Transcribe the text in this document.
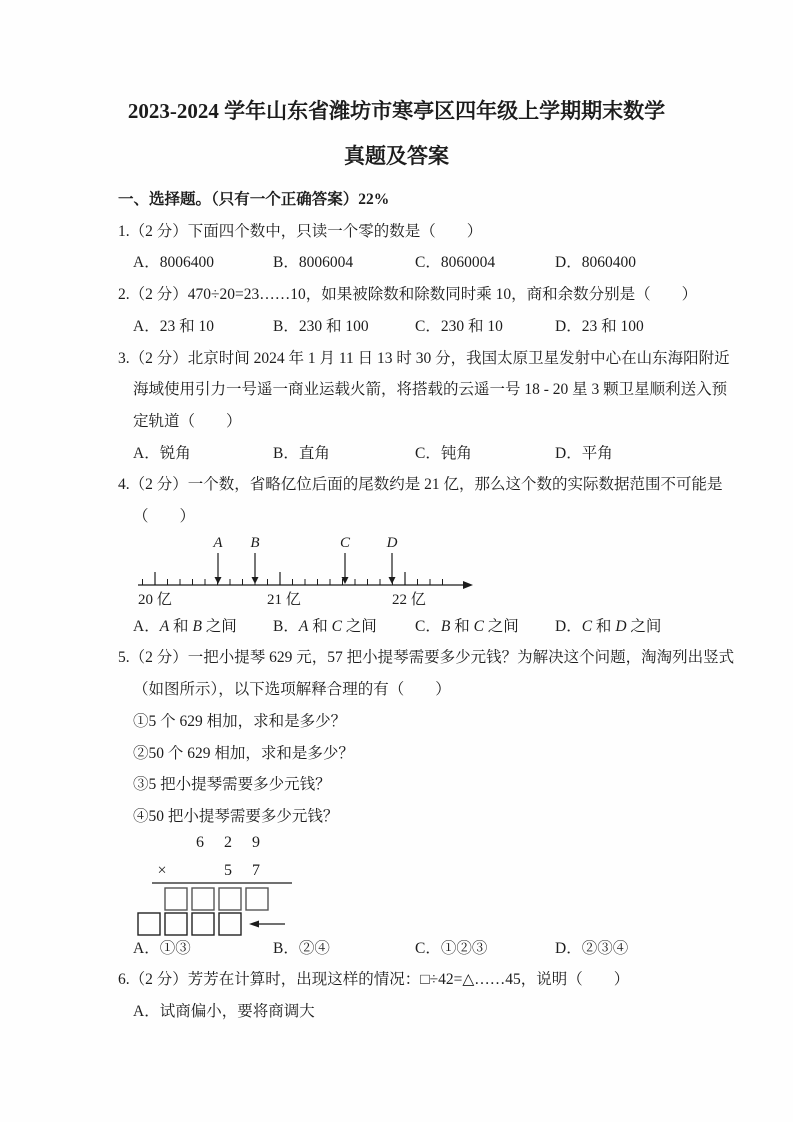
2023-2024 学年山东省潍坊市寒亭区四年级上学期期末数学
真题及答案
一、选择题。（只有一个正确答案）22%
1.（2 分）下面四个数中，只读一个零的数是（　　）
A．8006400	B．8006004	C．8060004	D．8060400
2.（2 分）470÷20=23……10，如果被除数和除数同时乘 10，商和余数分别是（　　）
A．23 和 10	B．230 和 100	C．230 和 10	D．23 和 100
3.（2 分）北京时间 2024 年 1 月 11 日 13 时 30 分，我国太原卫星发射中心在山东海阳附近
海域使用引力一号遥一商业运载火箭，将搭载的云遥一号 18 - 20 星 3 颗卫星顺利送入预
定轨道（　　）
A．锐角	B．直角	C．钝角	D．平角
4.（2 分）一个数，省略亿位后面的尾数约是 21 亿，那么这个数的实际数据范围不可能是
（　　）
A B	C D
20 亿	21 亿	22 亿
A．A 和 B 之间	B．A 和 C 之间	C．B 和 C 之间	D．C 和 D 之间
5.（2 分）一把小提琴 629 元，57 把小提琴需要多少元钱？为解决这个问题，淘淘列出竖式
（如图所示），以下选项解释合理的有（　　）
①5 个 629 相加，求和是多少？
②50 个 629 相加，求和是多少？
③5 把小提琴需要多少元钱？
④50 把小提琴需要多少元钱？
6 2 9
×	5 7
A．①③	B．②④	C．①②③	D．②③④
6.（2 分）芳芳在计算时，出现这样的情况：□÷42=△……45，说明（　　）
A．试商偏小，要将商调大
